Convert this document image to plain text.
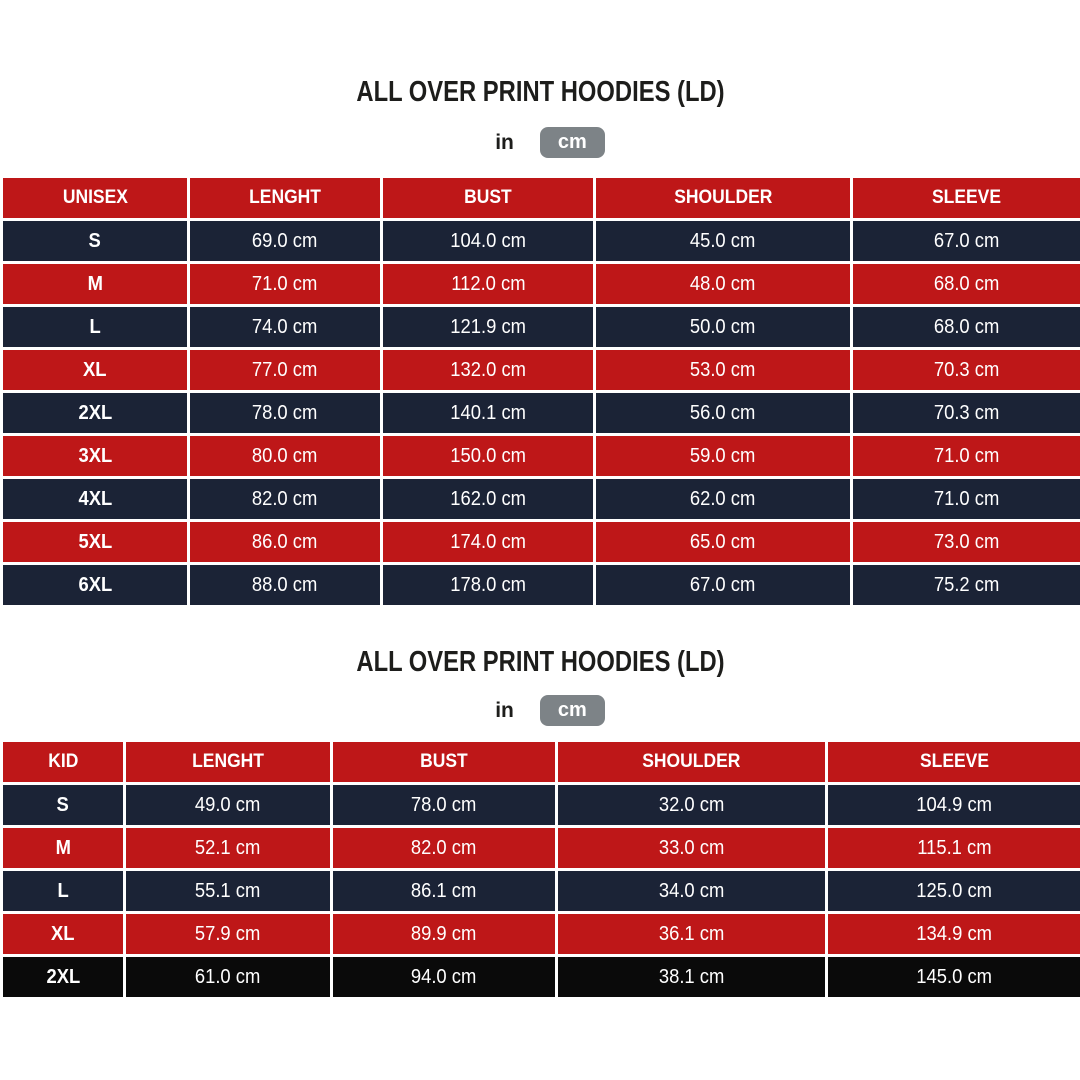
ALL OVER PRINT HOODIES (LD)
in	cm
UNISEX	LENGHT	BUST	SHOULDER	SLEEVE
S	69.0 cm	104.0 cm	45.0 cm	67.0 cm
M	71.0 cm	112.0 cm	48.0 cm	68.0 cm
L	74.0 cm	121.9 cm	50.0 cm	68.0 cm
XL	77.0 cm	132.0 cm	53.0 cm	70.3 cm
2XL	78.0 cm	140.1 cm	56.0 cm	70.3 cm
3XL	80.0 cm	150.0 cm	59.0 cm	71.0 cm
4XL	82.0 cm	162.0 cm	62.0 cm	71.0 cm
5XL	86.0 cm	174.0 cm	65.0 cm	73.0 cm
6XL	88.0 cm	178.0 cm	67.0 cm	75.2 cm
ALL OVER PRINT HOODIES (LD)
in	cm
KID	LENGHT	BUST	SHOULDER	SLEEVE
S	49.0 cm	78.0 cm	32.0 cm	104.9 cm
M	52.1 cm	82.0 cm	33.0 cm	115.1 cm
L	55.1 cm	86.1 cm	34.0 cm	125.0 cm
XL	57.9 cm	89.9 cm	36.1 cm	134.9 cm
2XL	61.0 cm	94.0 cm	38.1 cm	145.0 cm
